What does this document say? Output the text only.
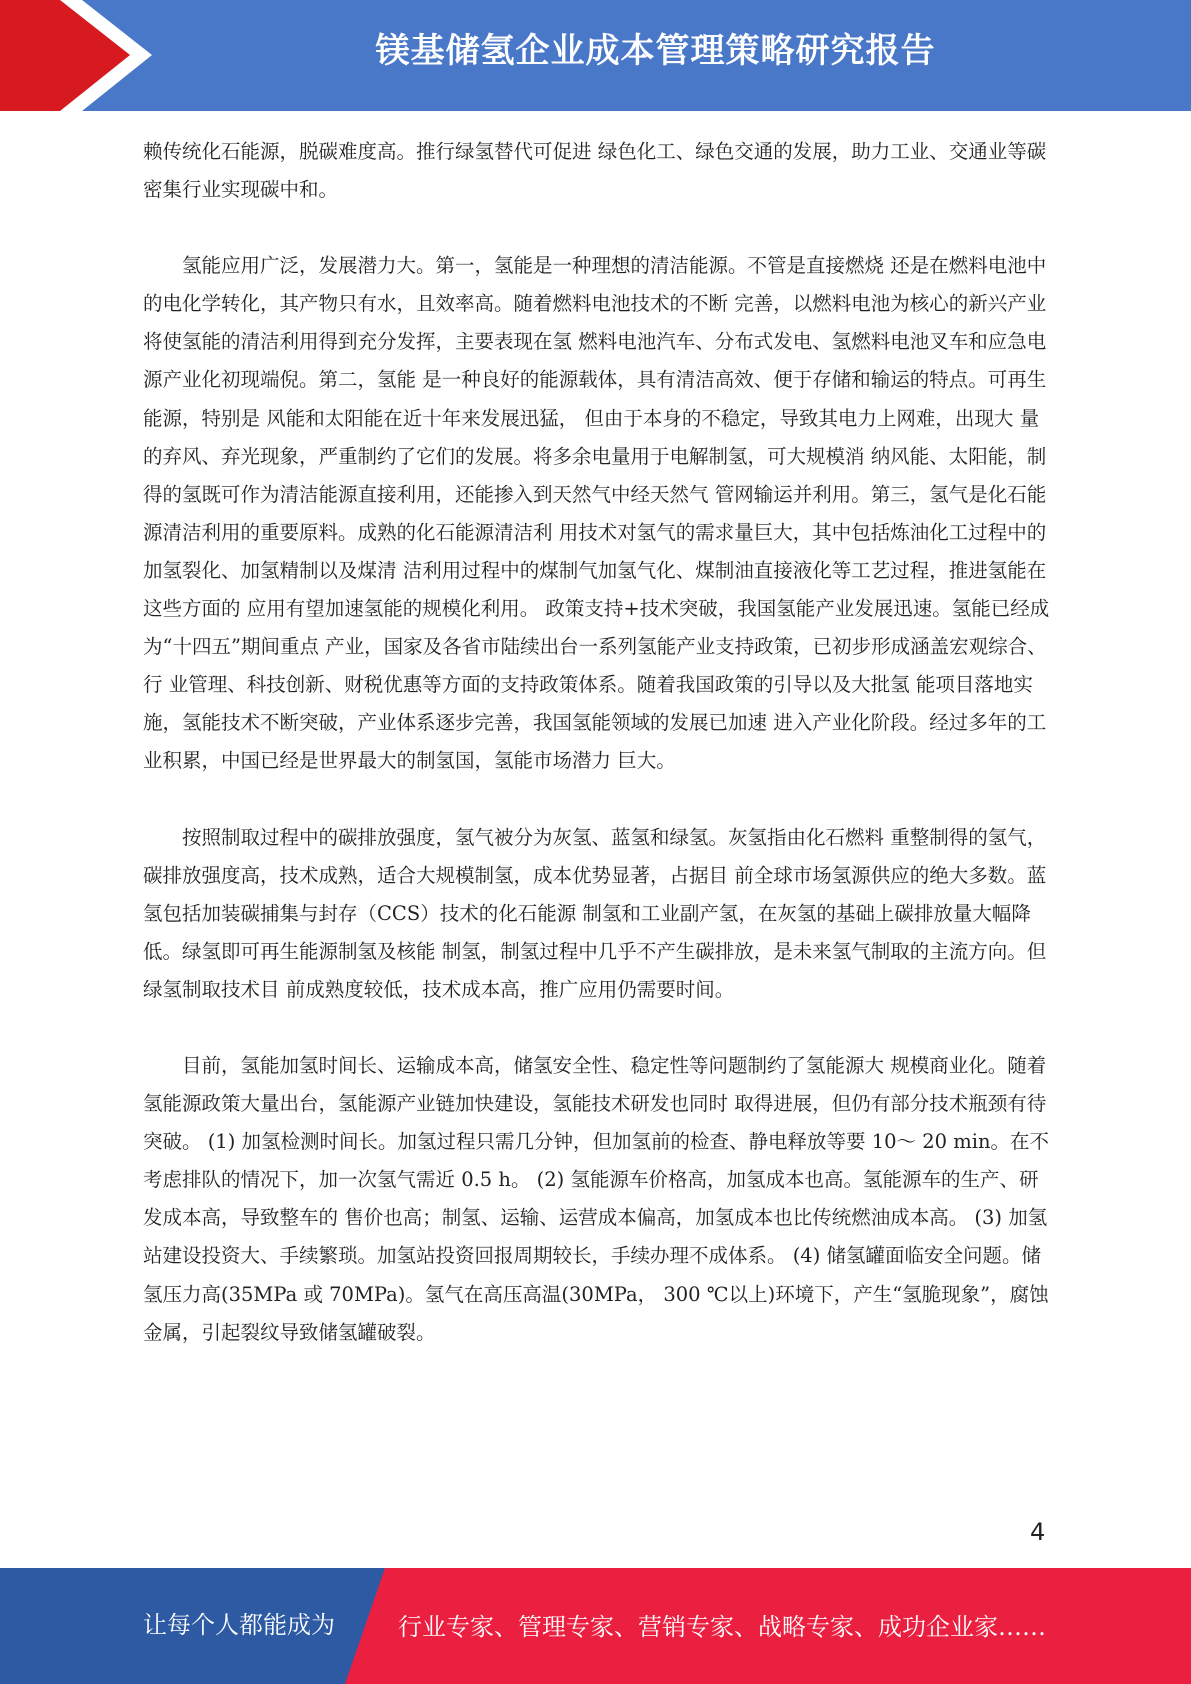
镁基储氢企业成本管理策略研究报告

赖传统化石能源，脱碳难度高。推行绿氢替代可促进 绿色化工、绿色交通的发展，助力工业、交通业等碳密集行业实现碳中和。

氢能应用广泛，发展潜力大。第一，氢能是一种理想的清洁能源。不管是直接燃烧 还是在燃料电池中的电化学转化，其产物只有水，且效率高。随着燃料电池技术的不断 完善，以燃料电池为核心的新兴产业将使氢能的清洁利用得到充分发挥，主要表现在氢 燃料电池汽车、分布式发电、氢燃料电池叉车和应急电源产业化初现端倪。第二，氢能 是一种良好的能源载体，具有清洁高效、便于存储和输运的特点。可再生能源，特别是 风能和太阳能在近十年来发展迅猛， 但由于本身的不稳定，导致其电力上网难，出现大 量的弃风、弃光现象，严重制约了它们的发展。将多余电量用于电解制氢，可大规模消 纳风能、太阳能，制得的氢既可作为清洁能源直接利用，还能掺入到天然气中经天然气 管网输运并利用。第三，氢气是化石能源清洁利用的重要原料。成熟的化石能源清洁利 用技术对氢气的需求量巨大，其中包括炼油化工过程中的加氢裂化、加氢精制以及煤清 洁利用过程中的煤制气加氢气化、煤制油直接液化等工艺过程，推进氢能在这些方面的 应用有望加速氢能的规模化利用。 政策支持+技术突破，我国氢能产业发展迅速。氢能已经成为“十四五”期间重点 产业，国家及各省市陆续出台一系列氢能产业支持政策，已初步形成涵盖宏观综合、行 业管理、科技创新、财税优惠等方面的支持政策体系。随着我国政策的引导以及大批氢 能项目落地实施，氢能技术不断突破，产业体系逐步完善，我国氢能领域的发展已加速 进入产业化阶段。经过多年的工业积累，中国已经是世界最大的制氢国，氢能市场潜力 巨大。

按照制取过程中的碳排放强度，氢气被分为灰氢、蓝氢和绿氢。灰氢指由化石燃料 重整制得的氢气，碳排放强度高，技术成熟，适合大规模制氢，成本优势显著，占据目 前全球市场氢源供应的绝大多数。蓝氢包括加装碳捕集与封存（CCS）技术的化石能源 制氢和工业副产氢，在灰氢的基础上碳排放量大幅降低。绿氢即可再生能源制氢及核能 制氢，制氢过程中几乎不产生碳排放，是未来氢气制取的主流方向。但绿氢制取技术目 前成熟度较低，技术成本高，推广应用仍需要时间。

目前，氢能加氢时间长、运输成本高，储氢安全性、稳定性等问题制约了氢能源大 规模商业化。随着氢能源政策大量出台，氢能源产业链加快建设，氢能技术研发也同时 取得进展，但仍有部分技术瓶颈有待突破。 (1) 加氢检测时间长。加氢过程只需几分钟，但加氢前的检查、静电释放等要 10～ 20 min。在不考虑排队的情况下，加一次氢气需近 0.5 h。 (2) 氢能源车价格高，加氢成本也高。氢能源车的生产、研发成本高，导致整车的 售价也高；制氢、运输、运营成本偏高，加氢成本也比传统燃油成本高。 (3) 加氢站建设投资大、手续繁琐。加氢站投资回报周期较长，手续办理不成体系。 (4) 储氢罐面临安全问题。储氢压力高(35MPa 或 70MPa)。氢气在高压高温(30MPa， 300 ℃以上)环境下，产生“氢脆现象”，腐蚀金属，引起裂纹导致储氢罐破裂。

4
让每个人都能成为	行业专家、管理专家、营销专家、战略专家、成功企业家……
